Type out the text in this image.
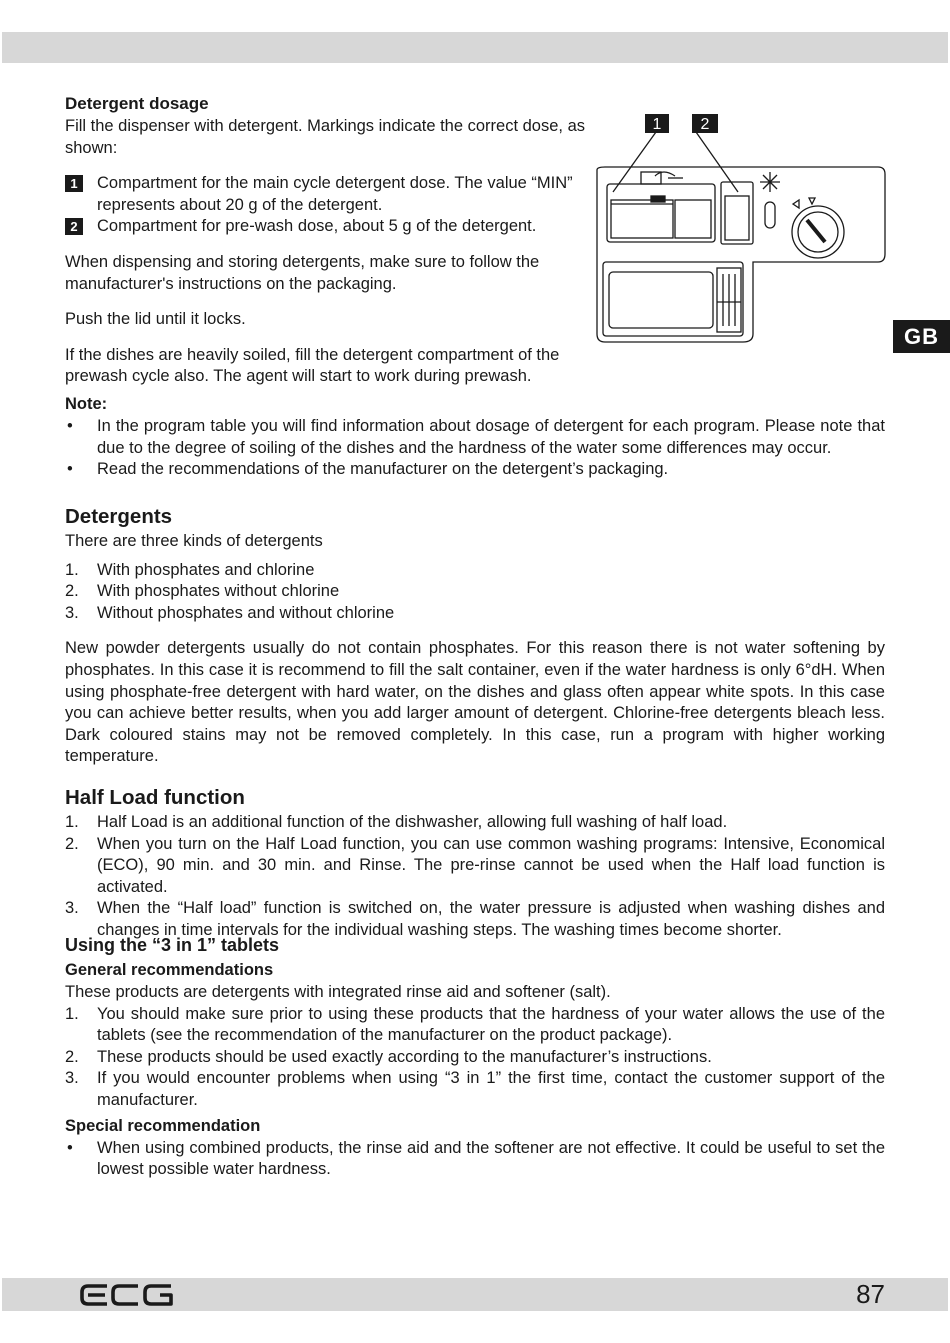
Detergent dosage

Fill the dispenser with detergent. Markings indicate the correct dose, as shown:

1	Compartment for the main cycle detergent dose. The value “MIN” represents about 20 g of the detergent.
2	Compartment for pre-wash dose, about 5 g of the detergent.

When dispensing and storing detergents, make sure to follow the manufacturer's instructions on the packaging.

Push the lid until it locks.

If the dishes are heavily soiled, fill the detergent compartment of the prewash cycle also. The agent will start to work during prewash.

Note:
• In the program table you will find information about dosage of detergent for each program. Please note that due to the degree of soiling of the dishes and the hardness of the water some differences may occur.
• Read the recommendations of the manufacturer on the detergent’s packaging.
1 2
GB
Detergents

There are three kinds of detergents

1. With phosphates and chlorine
2. With phosphates without chlorine
3. Without phosphates and without chlorine

New powder detergents usually do not contain phosphates. For this reason there is not water softening by phosphates. In this case it is recommend to fill the salt container, even if the water hardness is only 6°dH. When using phosphate-free detergent with hard water, on the dishes and glass often appear white spots. In this case you can achieve better results, when you add larger amount of detergent. Chlorine-free detergents bleach less. Dark coloured stains may not be removed completely. In this case, run a program with higher working temperature.

Half Load function
1. Half Load is an additional function of the dishwasher, allowing full washing of half load.
2. When you turn on the Half Load function, you can use common washing programs: Intensive, Economical (ECO), 90 min. and 30 min. and Rinse. The pre-rinse cannot be used when the Half load function is activated.
3. When the “Half load” function is switched on, the water pressure is adjusted when washing dishes and changes in time intervals for the individual washing steps. The washing times become shorter.
Using the “3 in 1” tablets
General recommendations

These products are detergents with integrated rinse aid and softener (salt).

1. You should make sure prior to using these products that the hardness of your water allows the use of the tablets (see the recommendation of the manufacturer on the product package).
2. These products should be used exactly according to the manufacturer’s instructions.
3. If you would encounter problems when using “3 in 1” the first time, contact the customer support of the manufacturer.
Special recommendation
• When using combined products, the rinse aid and the softener are not effective. It could be useful to set the lowest possible water hardness.
87
